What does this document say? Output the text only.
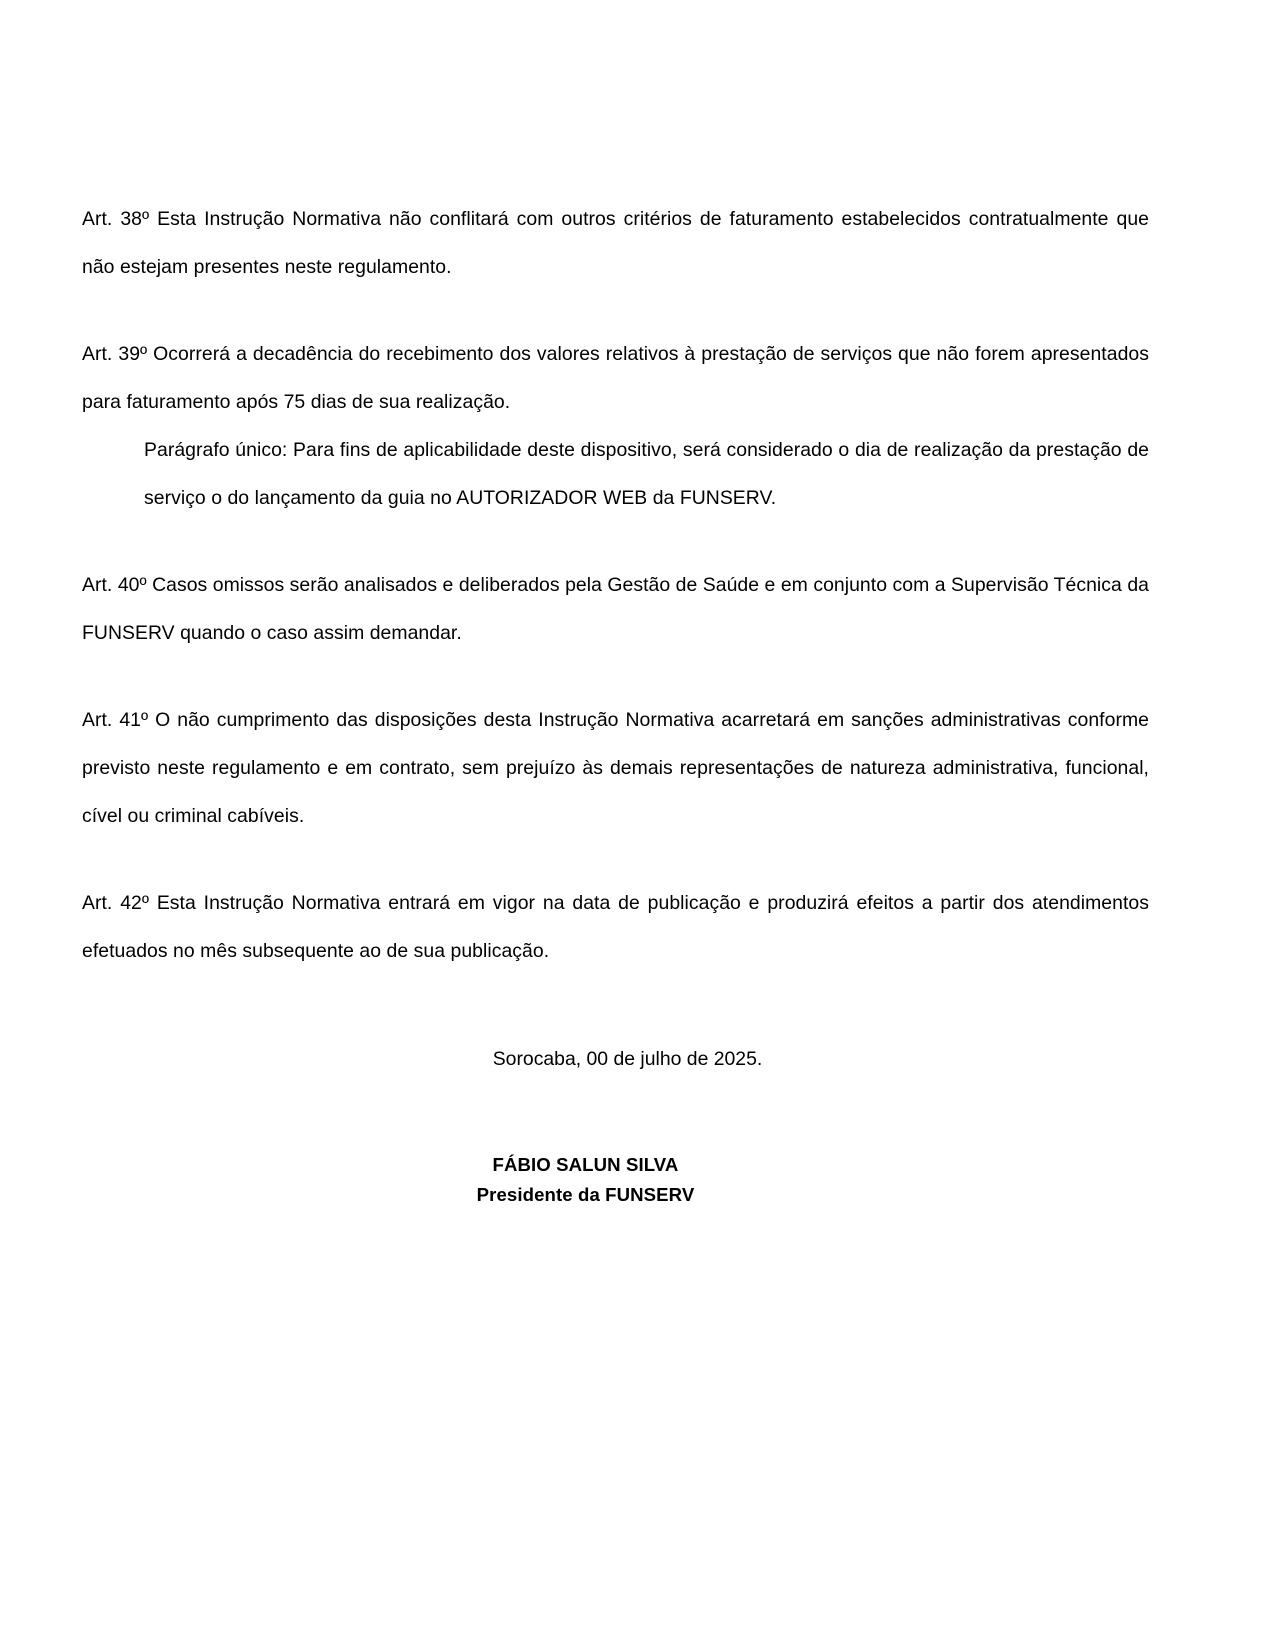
Art. 38º Esta Instrução Normativa não conflitará com outros critérios de faturamento estabelecidos contratualmente que não estejam presentes neste regulamento.

Art. 39º Ocorrerá a decadência do recebimento dos valores relativos à prestação de serviços que não forem apresentados para faturamento após 75 dias de sua realização.

Parágrafo único: Para fins de aplicabilidade deste dispositivo, será considerado o dia de realização da prestação de serviço o do lançamento da guia no AUTORIZADOR WEB da FUNSERV.

Art. 40º Casos omissos serão analisados e deliberados pela Gestão de Saúde e em conjunto com a Supervisão Técnica da FUNSERV quando o caso assim demandar.

Art. 41º O não cumprimento das disposições desta Instrução Normativa acarretará em sanções administrativas conforme previsto neste regulamento e em contrato, sem prejuízo às demais representações de natureza administrativa, funcional, cível ou criminal cabíveis.

Art. 42º Esta Instrução Normativa entrará em vigor na data de publicação e produzirá efeitos a partir dos atendimentos efetuados no mês subsequente ao de sua publicação.

Sorocaba, 00 de julho de 2025.
FÁBIO SALUN SILVA
Presidente da FUNSERV
